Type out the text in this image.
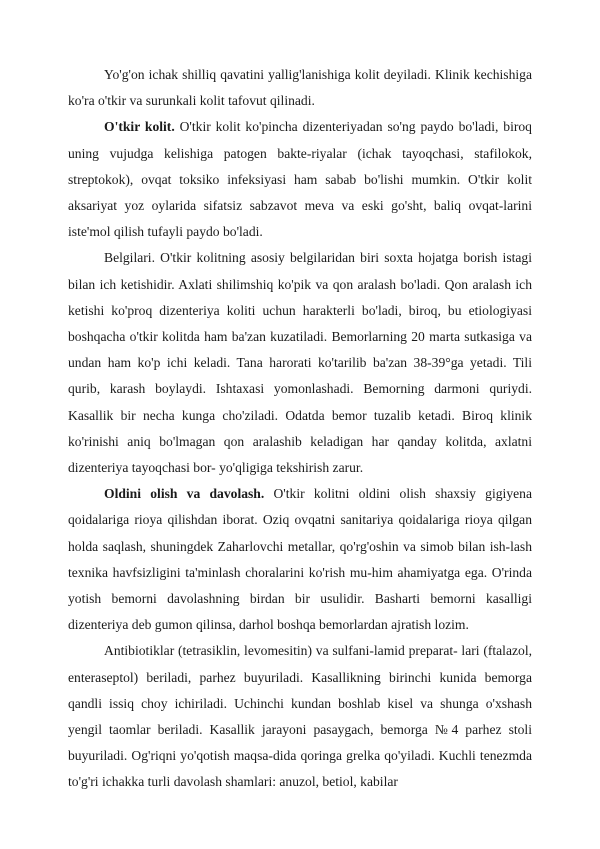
Yo'g'on ichak shilliq qavatini yallig'lanishiga kolit deyiladi. Klinik kechishiga ko'ra o'tkir va surunkali kolit tafovut qilinadi.

O'tkir kolit. O'tkir kolit ko'pincha dizenteriyadan so'ng paydo bo'ladi, biroq uning vujudga kelishiga patogen bakte-riyalar (ichak tayoqchasi, stafilokok, streptokok), ovqat toksiko infeksiyasi ham sabab bo'lishi mumkin. O'tkir kolit aksariyat yoz oylarida sifatsiz sabzavot meva va eski go'sht, baliq ovqat-larini iste'mol qilish tufayli paydo bo'ladi.

Belgilari. O'tkir kolitning asosiy belgilaridan biri soxta hojatga borish istagi bilan ich ketishidir. Axlati shilimshiq ko'pik va qon aralash bo'ladi. Qon aralash ich ketishi ko'proq dizenteriya koliti uchun harakterli bo'ladi, biroq, bu etiologiyasi boshqacha o'tkir kolitda ham ba'zan kuzatiladi. Bemorlarning 20 marta sutkasiga va undan ham ko'p ichi keladi. Tana harorati ko'tarilib ba'zan 38-39°ga yetadi. Tili qurib, karash boylaydi. Ishtaxasi yomonlashadi. Bemorning darmoni quriydi. Kasallik bir necha kunga cho'ziladi. Odatda bemor tuzalib ketadi. Biroq klinik ko'rinishi aniq bo'lmagan qon aralashib keladigan har qanday kolitda, axlatni dizenteriya tayoqchasi bor- yo'qligiga tekshirish zarur.

Oldini olish va davolash. O'tkir kolitni oldini olish shaxsiy gigiyena qoidalariga rioya qilishdan iborat. Oziq ovqatni sanitariya qoidalariga rioya qilgan holda saqlash, shuningdek Zaharlovchi metallar, qo'rg'oshin va simob bilan ish-lash texnika havfsizligini ta'minlash choralarini ko'rish mu-him ahamiyatga ega. O'rinda yotish bemorni davolashning birdan bir usulidir. Basharti bemorni kasalligi dizenteriya deb gumon qilinsa, darhol boshqa bemorlardan ajratish lozim.

Antibiotiklar (tetrasiklin, levomesitin) va sulfani-lamid preparat- lari (ftalazol, enteraseptol) beriladi, parhez buyuriladi. Kasallikning birinchi kunida bemorga qandli issiq choy ichiriladi. Uchinchi kundan boshlab kisel va shunga o'xshash yengil taomlar beriladi. Kasallik jarayoni pasaygach, bemorga №4 parhez stoli buyuriladi. Og'riqni yo'qotish maqsa-dida qoringa grelka qo'yiladi. Kuchli tenezmda to'g'ri ichakka turli davolash shamlari: anuzol, betiol, kabilar
